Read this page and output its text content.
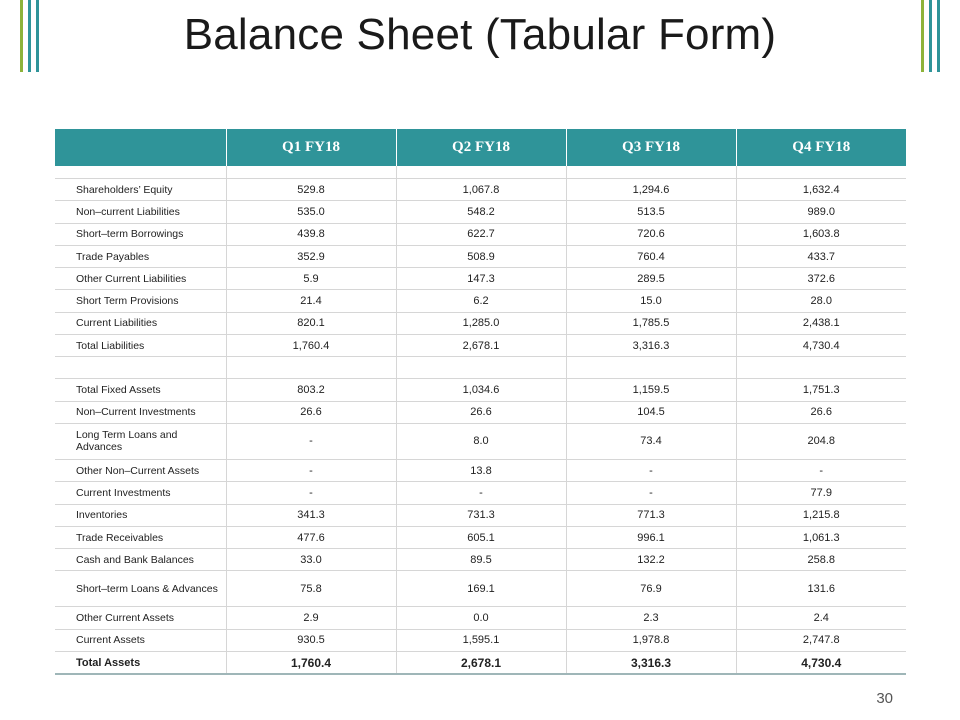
Balance Sheet (Tabular Form)
	Q1 FY18	Q2 FY18	Q3 FY18	Q4 FY18

Shareholders’ Equity	529.8	1,067.8	1,294.6	1,632.4
Non–current Liabilities	535.0	548.2	513.5	989.0
Short–term Borrowings	439.8	622.7	720.6	1,603.8
Trade Payables	352.9	508.9	760.4	433.7
Other Current Liabilities	5.9	147.3	289.5	372.6
Short Term Provisions	21.4	6.2	15.0	28.0
Current Liabilities	820.1	1,285.0	1,785.5	2,438.1
Total Liabilities	1,760.4	2,678.1	3,316.3	4,730.4

Total Fixed Assets	803.2	1,034.6	1,159.5	1,751.3
Non–Current Investments	26.6	26.6	104.5	26.6
Long Term Loans and Advances	-	8.0	73.4	204.8
Other Non–Current Assets	-	13.8	-	-
Current Investments	-	-	-	77.9
Inventories	341.3	731.3	771.3	1,215.8
Trade Receivables	477.6	605.1	996.1	1,061.3
Cash and Bank Balances	33.0	89.5	132.2	258.8
Short–term Loans & Advances	75.8	169.1	76.9	131.6
Other Current Assets	2.9	0.0	2.3	2.4
Current Assets	930.5	1,595.1	1,978.8	2,747.8
Total Assets	1,760.4	2,678.1	3,316.3	4,730.4
30
